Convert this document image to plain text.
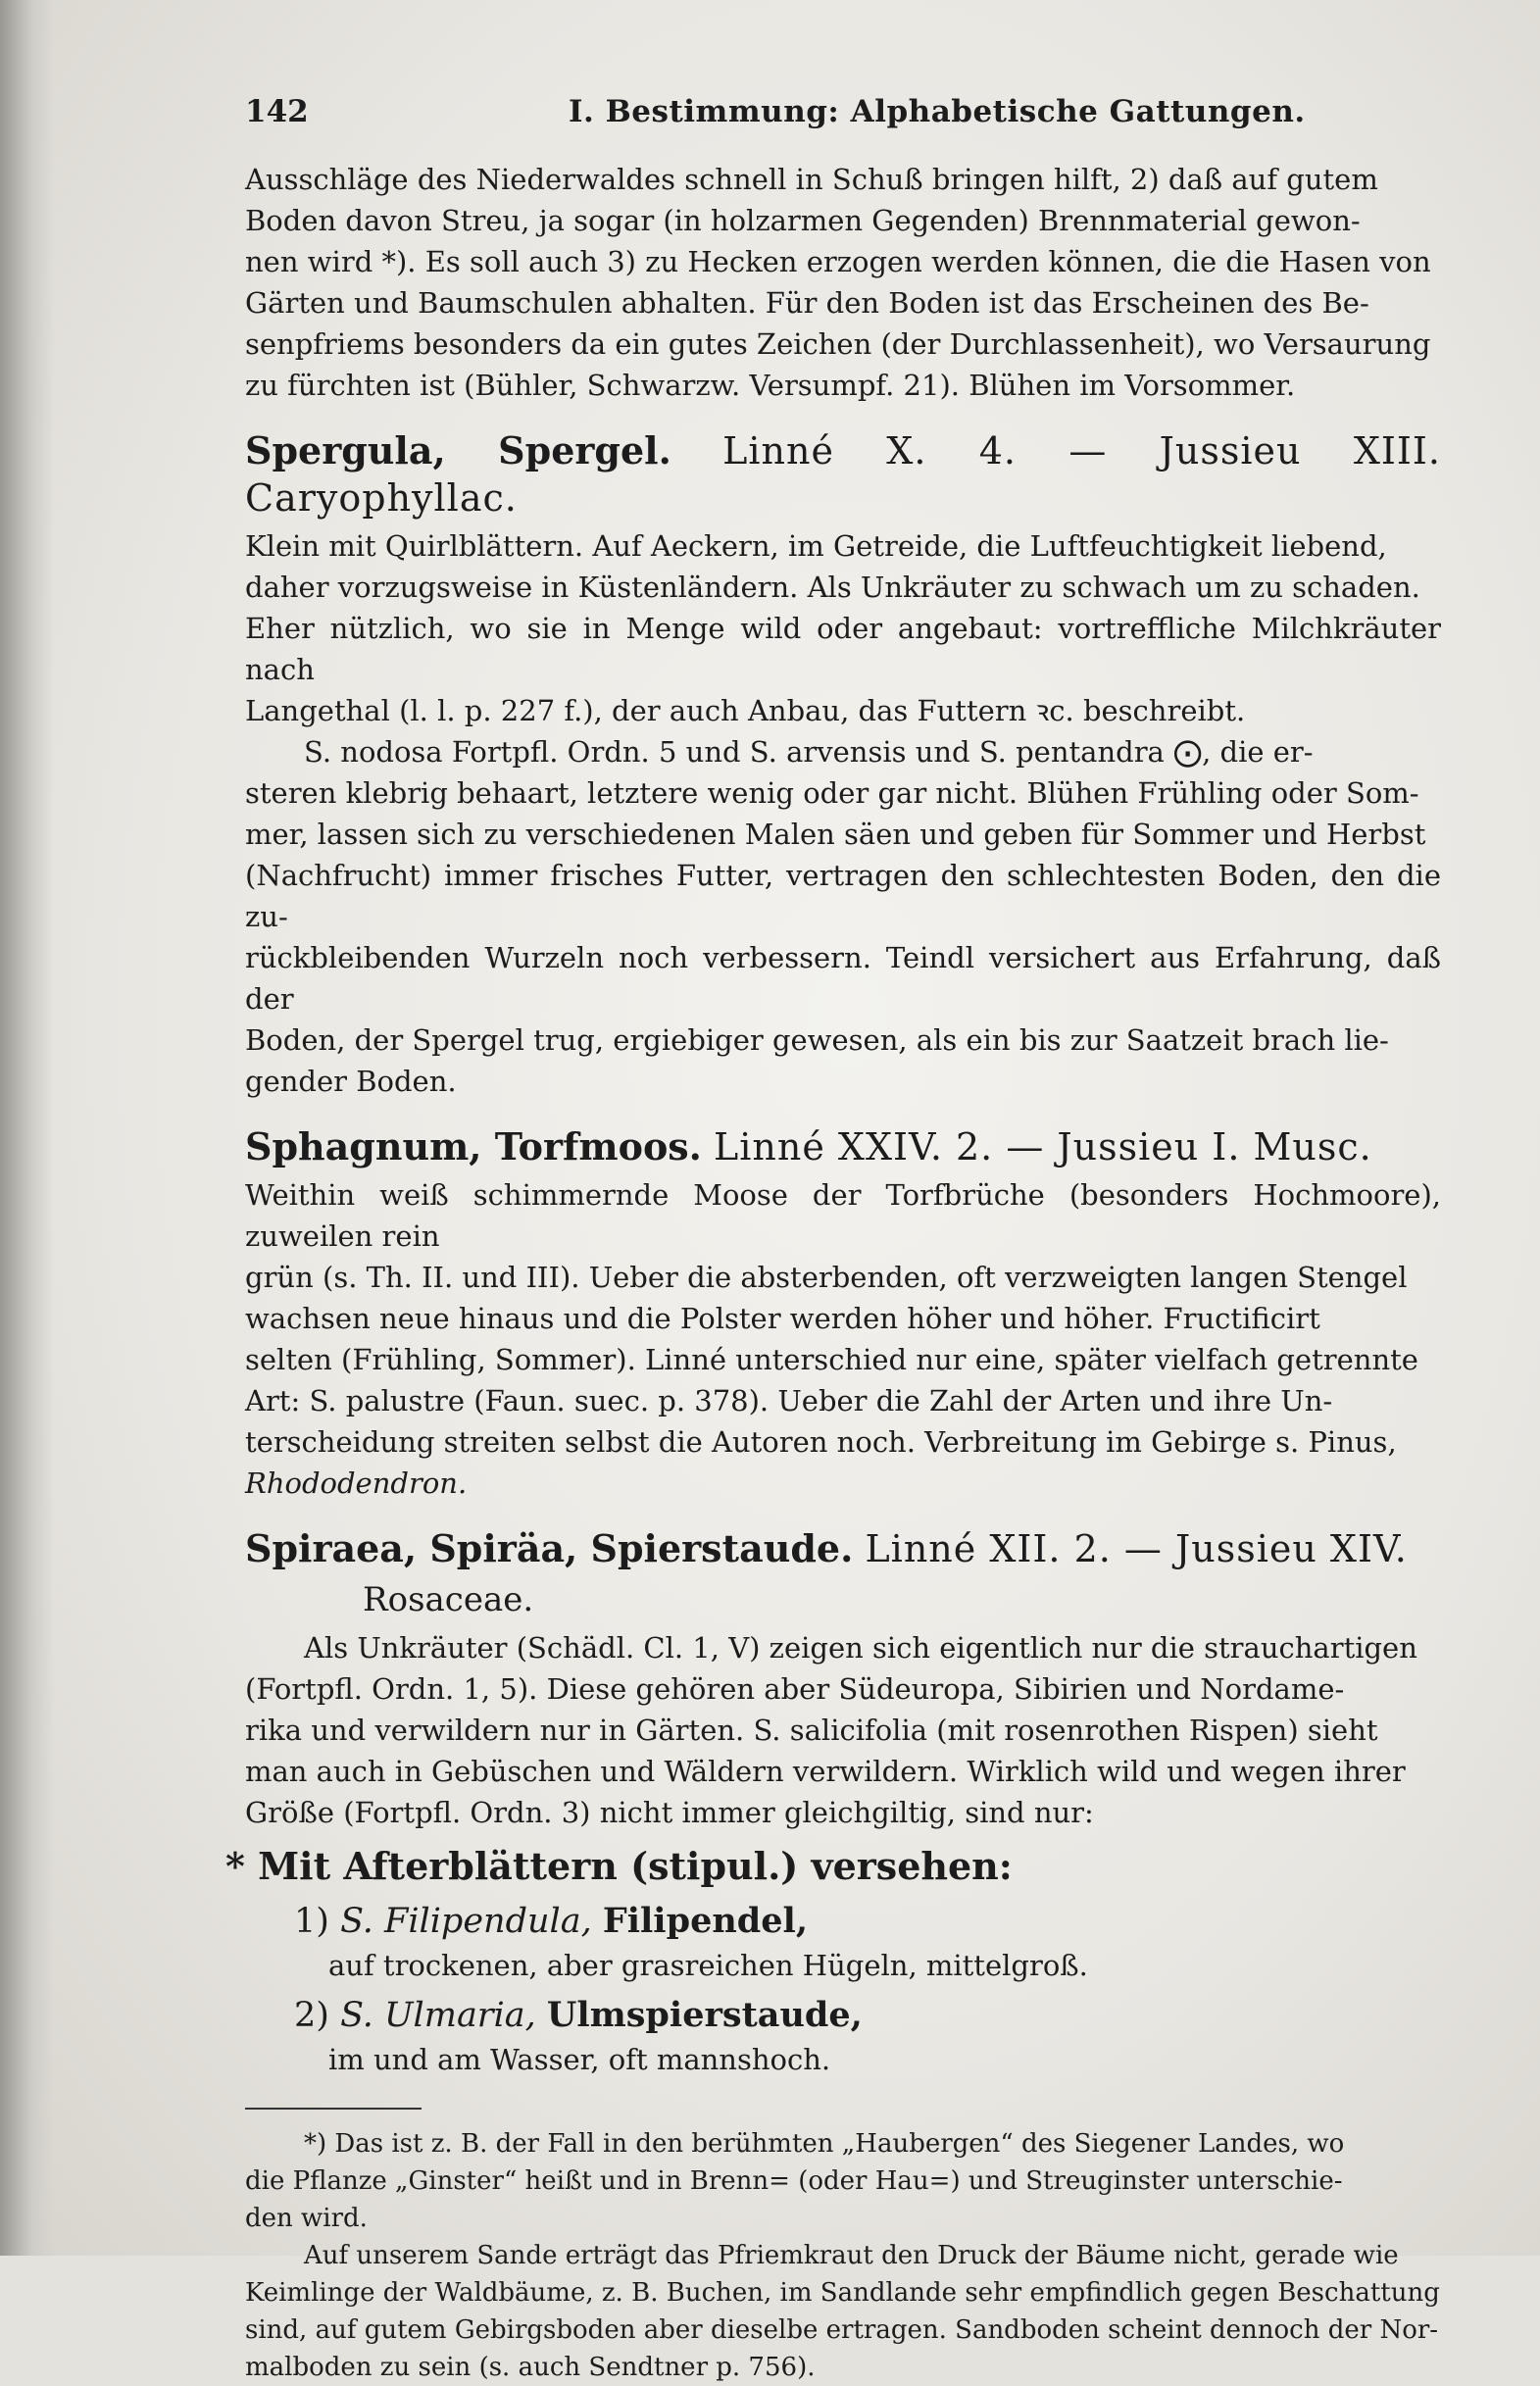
142	I. Bestimmung: Alphabetische Gattungen.

Ausschläge des Niederwaldes schnell in Schuß bringen hilft, 2) daß auf gutem

Boden davon Streu, ja sogar (in holzarmen Gegenden) Brennmaterial gewon-

nen wird *). Es soll auch 3) zu Hecken erzogen werden können, die die Hasen von

Gärten und Baumschulen abhalten. Für den Boden ist das Erscheinen des Be-

senpfriems besonders da ein gutes Zeichen (der Durchlassenheit), wo Versaurung

zu fürchten ist (Bühler, Schwarzw. Versumpf. 21). Blühen im Vorsommer.

Spergula, Spergel. Linné X. 4. — Jussieu XIII. Caryophyllac.

Klein mit Quirlblättern. Auf Aeckern, im Getreide, die Luftfeuchtigkeit liebend,

daher vorzugsweise in Küstenländern. Als Unkräuter zu schwach um zu schaden.

Eher nützlich, wo sie in Menge wild oder angebaut: vortreffliche Milchkräuter nach

Langethal (l. l. p. 227 f.), der auch Anbau, das Futtern ꝛc. beschreibt.

S. nodosa Fortpfl. Ordn. 5 und S. arvensis und S. pentandra ⨀, die er-

steren klebrig behaart, letztere wenig oder gar nicht. Blühen Frühling oder Som-

mer, lassen sich zu verschiedenen Malen säen und geben für Sommer und Herbst

(Nachfrucht) immer frisches Futter, vertragen den schlechtesten Boden, den die zu-

rückbleibenden Wurzeln noch verbessern. Teindl versichert aus Erfahrung, daß der

Boden, der Spergel trug, ergiebiger gewesen, als ein bis zur Saatzeit brach lie-

gender Boden.

Sphagnum, Torfmoos. Linné XXIV. 2. — Jussieu I. Musc.

Weithin weiß schimmernde Moose der Torfbrüche (besonders Hochmoore), zuweilen rein

grün (s. Th. II. und III). Ueber die absterbenden, oft verzweigten langen Stengel

wachsen neue hinaus und die Polster werden höher und höher. Fructificirt

selten (Frühling, Sommer). Linné unterschied nur eine, später vielfach getrennte

Art: S. palustre (Faun. suec. p. 378). Ueber die Zahl der Arten und ihre Un-

terscheidung streiten selbst die Autoren noch. Verbreitung im Gebirge s. Pinus,

Rhododendron.

Spiraea, Spiräa, Spierstaude. Linné XII. 2. — Jussieu XIV.
Rosaceae.

Als Unkräuter (Schädl. Cl. 1, V) zeigen sich eigentlich nur die strauchartigen

(Fortpfl. Ordn. 1, 5). Diese gehören aber Südeuropa, Sibirien und Nordame-

rika und verwildern nur in Gärten. S. salicifolia (mit rosenrothen Rispen) sieht

man auch in Gebüschen und Wäldern verwildern. Wirklich wild und wegen ihrer

Größe (Fortpfl. Ordn. 3) nicht immer gleichgiltig, sind nur:

* Mit Afterblättern (stipul.) versehen:
1) S. Filipendula, Filipendel,

auf trockenen, aber grasreichen Hügeln, mittelgroß.

2) S. Ulmaria, Ulmspierstaude,

im und am Wasser, oft mannshoch.

*) Das ist z. B. der Fall in den berühmten „Haubergen“ des Siegener Landes, wo

die Pflanze „Ginster“ heißt und in Brenn= (oder Hau=) und Streuginster unterschie-

den wird.

Auf unserem Sande erträgt das Pfriemkraut den Druck der Bäume nicht, gerade wie

Keimlinge der Waldbäume, z. B. Buchen, im Sandlande sehr empfindlich gegen Beschattung

sind, auf gutem Gebirgsboden aber dieselbe ertragen. Sandboden scheint dennoch der Nor-

malboden zu sein (s. auch Sendtner p. 756).
